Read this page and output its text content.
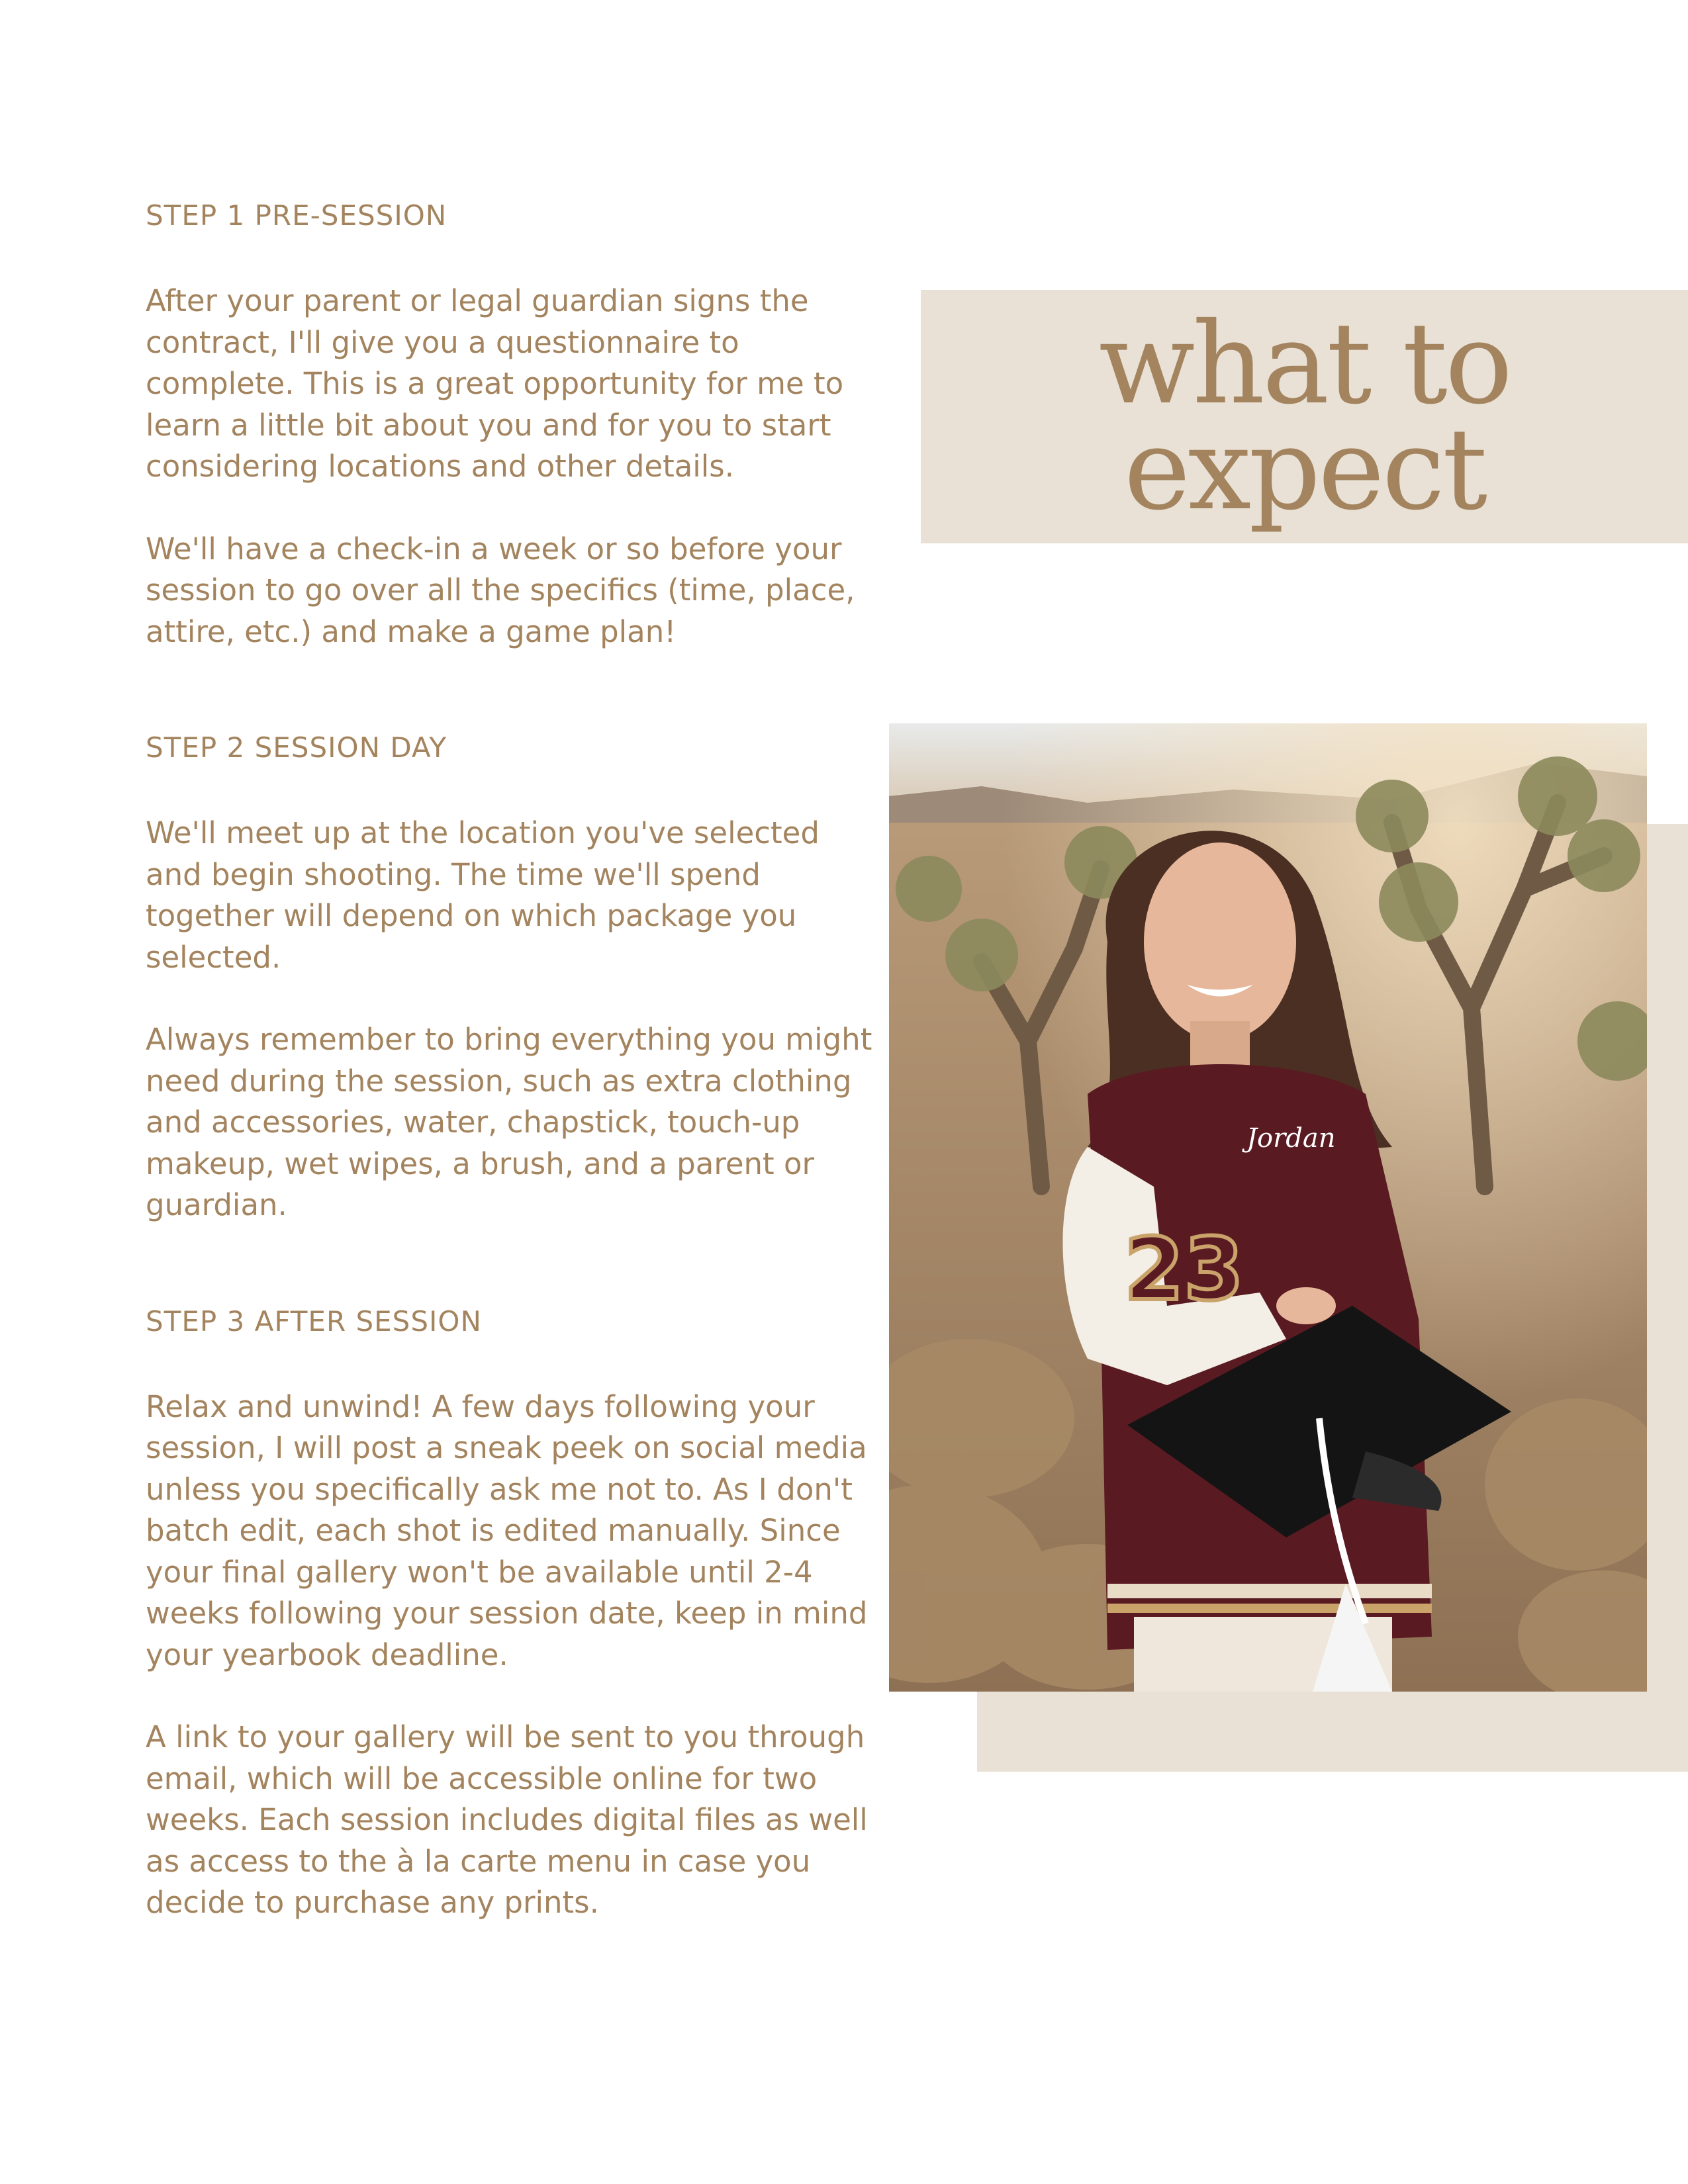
STEP 1 PRE-SESSION

After your parent or legal guardian signs the contract, I'll give you a questionnaire to complete. This is a great opportunity for me to learn a little bit about you and for you to start considering locations and other details.

We'll have a check-in a week or so before your session to go over all the specifics (time, place, attire, etc.) and make a game plan!

STEP 2 SESSION DAY

We'll meet up at the location you've selected and begin shooting. The time we'll spend together will depend on which package you selected.

Always remember to bring everything you might need during the session, such as extra clothing and accessories, water, chapstick, touch-up makeup, wet wipes, a brush, and a parent or guardian.

STEP 3 AFTER SESSION

Relax and unwind! A few days following your session, I will post a sneak peek on social media unless you specifically ask me not to. As I don't batch edit, each shot is edited manually. Since your final gallery won't be available until 2-4 weeks following your session date, keep in mind your yearbook deadline.

A link to your gallery will be sent to you through email, which will be accessible online for two weeks. Each session includes digital files as well as access to the à la carte menu in case you decide to purchase any prints.

what to
expect
23
Jordan
